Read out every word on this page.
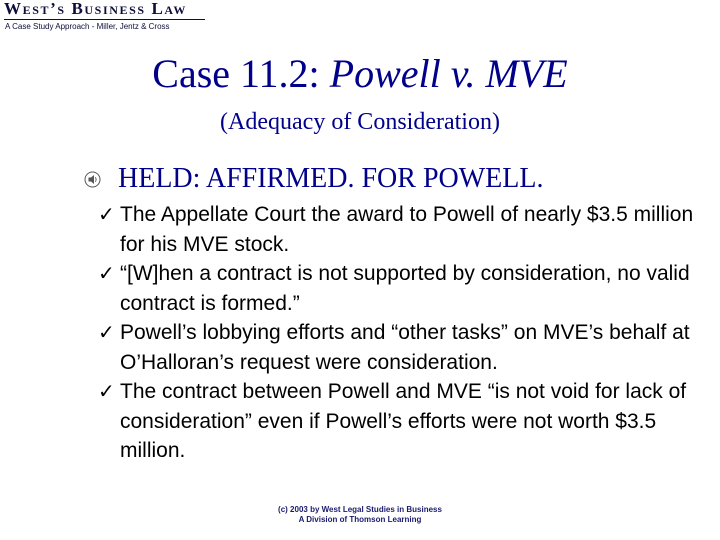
West’s Business Law
A Case Study Approach - Miller, Jentz & Cross
Case 11.2: Powell v. MVE
(Adequacy of Consideration)
HELD: AFFIRMED. FOR POWELL.
✓ The Appellate Court the award to Powell of nearly $3.5 million for his MVE stock.
✓ “[W]hen a contract is not supported by consideration, no valid contract is formed.”
✓ Powell’s lobbying efforts and “other tasks” on MVE’s behalf at O’Halloran’s request were consideration.
✓ The contract between Powell and MVE “is not void for lack of consideration” even if Powell’s efforts were not worth $3.5 million.
(c) 2003 by West Legal Studies in Business
A Division of Thomson Learning
